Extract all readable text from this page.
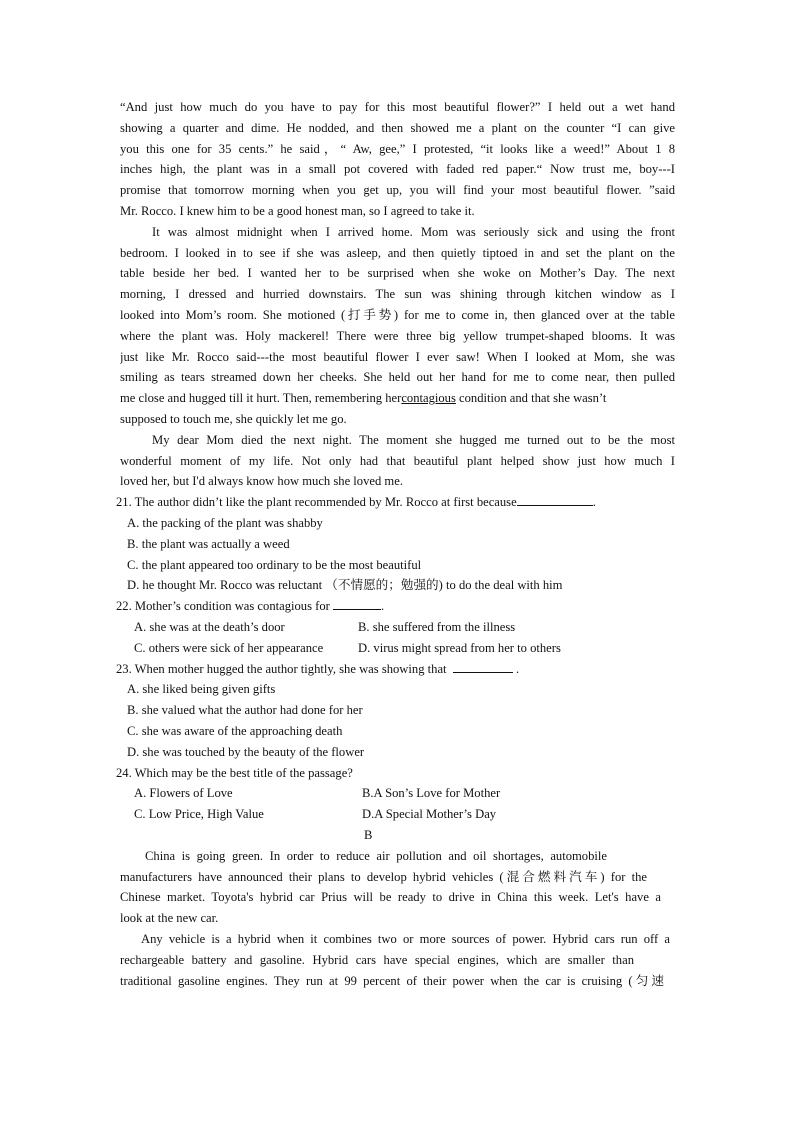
“And just how much do you have to pay for this most beautiful flower?” I held out a wet hand
showing a quarter and dime. He nodded, and then showed me a plant on the counter “I can give
you this one for 35 cents.” he said，“ Aw, gee,” I protested, “it looks like a weed!” About 1 8
inches high, the plant was in a small pot covered with faded red paper.“ Now trust me, boy---I
promise that tomorrow morning when you get up, you will find your most beautiful flower. ”said
Mr. Rocco. I knew him to be a good honest man, so I agreed to take it.
It was almost midnight when I arrived home. Mom was seriously sick and using the front
bedroom. I looked in to see if she was asleep, and then quietly tiptoed in and set the plant on the
table beside her bed. I wanted her to be surprised when she woke on Mother’s Day. The next
morning, I dressed and hurried downstairs. The sun was shining through kitchen window as I
looked into Mom’s room. She motioned (打手势) for me to come in, then glanced over at the table
where the plant was. Holy mackerel! There were three big yellow trumpet-shaped blooms. It was
just like Mr. Rocco said---the most beautiful flower I ever saw! When I looked at Mom, she was
smiling as tears streamed down her cheeks. She held out her hand for me to come near, then pulled
me close and hugged till it hurt. Then, remembering hercontagious condition and that she wasn’t
supposed to touch me, she quickly let me go.
My dear Mom died the next night. The moment she hugged me turned out to be the most
wonderful moment of my life. Not only had that beautiful plant helped show just how much I
loved her, but I'd always know how much she loved me.
21. The author didn’t like the plant recommended by Mr. Rocco at first because	.
A. the packing of the plant was shabby
B. the plant was actually a weed
C. the plant appeared too ordinary to be the most beautiful
D. he thought Mr. Rocco was reluctant （不情愿的；勉强的) to do the deal with him
22. Mother’s condition was contagious for	.
A. she was at the death’s door	B. she suffered from the illness
C. others were sick of her appearance	D. virus might spread from her to others
23. When mother hugged the author tightly, she was showing that	.
A. she liked being given gifts
B. she valued what the author had done for her
C. she was aware of the approaching death
D. she was touched by the beauty of the flower
24. Which may be the best title of the passage?
A. Flowers of Love	B.A Son’s Love for Mother
C. Low Price, High Value	D.A Special Mother’s Day
B
China is going green. In order to reduce air pollution and oil shortages, automobile
manufacturers have announced their plans to develop hybrid vehicles (混合燃料汽车) for the
Chinese market. Toyota's hybrid car Prius will be ready to drive in China this week. Let's have a
look at the new car.
Any vehicle is a hybrid when it combines two or more sources of power. Hybrid cars run off a
rechargeable battery and gasoline. Hybrid cars have special engines, which are smaller than
traditional gasoline engines. They run at 99 percent of their power when the car is cruising (匀速
